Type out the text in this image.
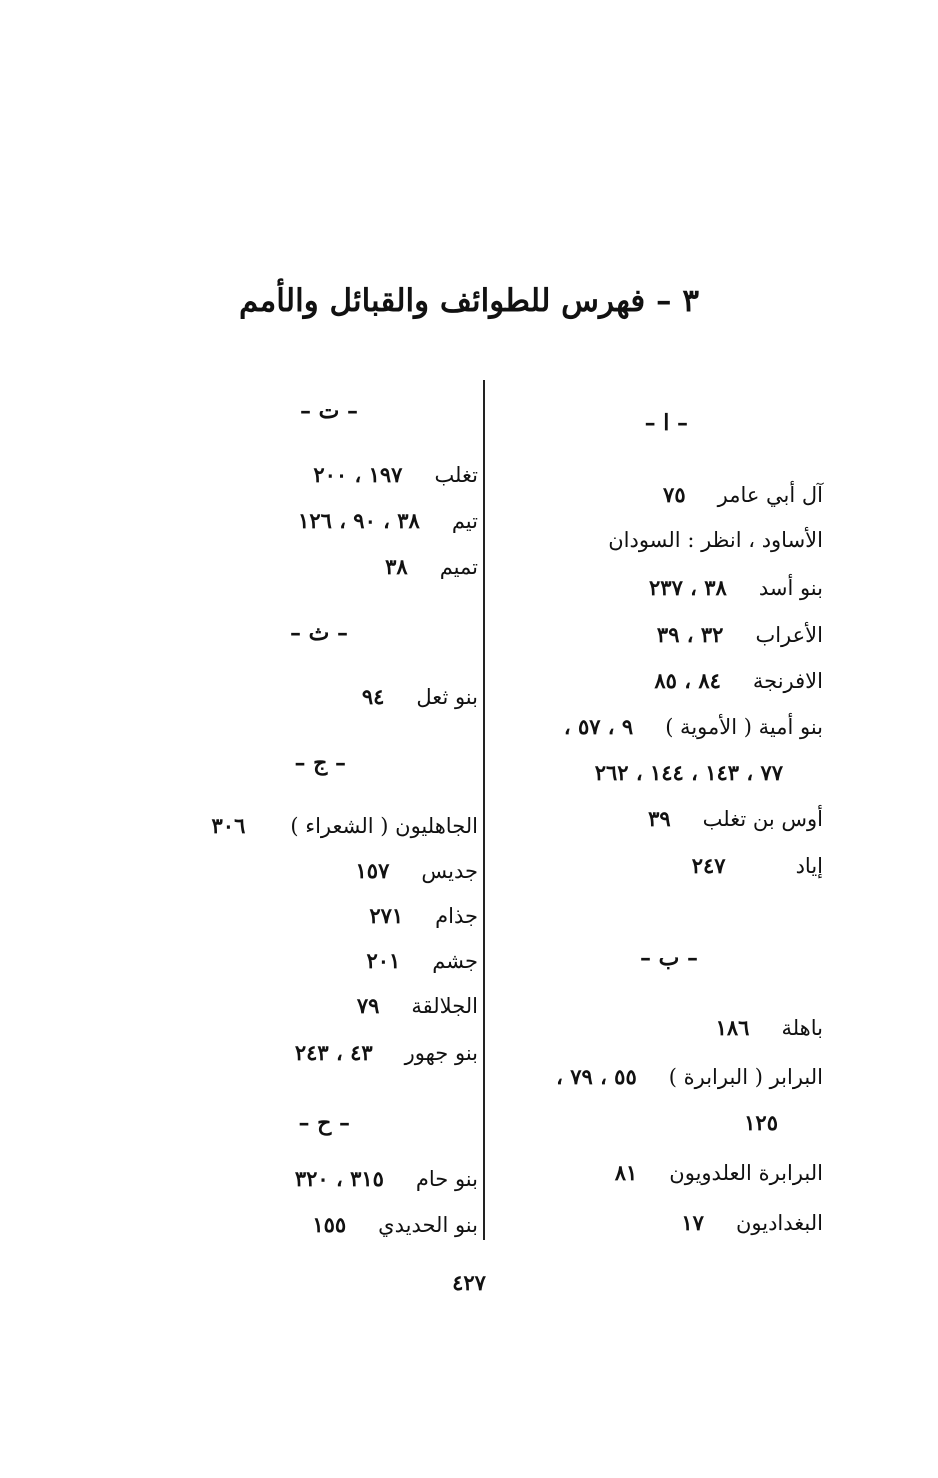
٣ – فهرس للطوائف والقبائل والأمم
– ا –
آل أبي عامر٧٥
الأساود ، انظر : السودان
بنو أسد٣٨ ، ٢٣٧
الأعراب٣٢ ، ٣٩
الافرنجة٨٤ ، ٨٥
بنو أمية ( الأموية )٩ ، ٥٧ ،
٧٧ ، ١٤٣ ، ١٤٤ ، ٢٦٢
أوس بن تغلب٣٩
إياد٢٤٧
– ب –
باهلة١٨٦
البرابر ( البرابرة )٥٥ ، ٧٩ ،
١٢٥
البرابرة العلدويون٨١
البغداديون١٧
– ت –
تغلب١٩٧ ، ٢٠٠
تيم٣٨ ، ٩٠ ، ١٢٦
تميم٣٨
– ث –
بنو ثعل٩٤
– ج –
الجاهليون ( الشعراء )٣٠٦
جديس١٥٧
جذام٢٧١
جشم٢٠١
الجلالقة٧٩
بنو جهور٤٣ ، ٢٤٣
– ح –
بنو حام٣١٥ ، ٣٢٠
بنو الحديدي١٥٥
٤٢٧
